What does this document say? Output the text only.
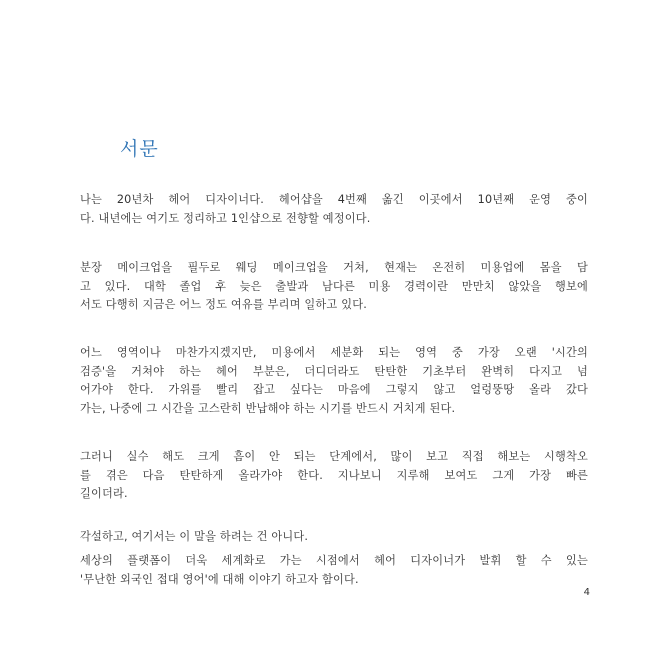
서문
나는 20년차 헤어 디자이너다. 헤어샵을 4번째 옮긴 이곳에서 10년째 운영 중이
다. 내년에는 여기도 정리하고 1인샵으로 전향할 예정이다.
분장 메이크업을 필두로 웨딩 메이크업을 거쳐, 현재는 온전히 미용업에 몸을 담
고 있다. 대학 졸업 후 늦은 출발과 남다른 미용 경력이란 만만치 않았을 행보에
서도 다행히 지금은 어느 정도 여유를 부리며 일하고 있다.
어느 영역이나 마찬가지겠지만, 미용에서 세분화 되는 영역 중 가장 오랜 '시간의
검증'을 거쳐야 하는 헤어 부분은, 더디더라도 탄탄한 기초부터 완벽히 다지고 넘
어가야 한다. 가위를 빨리 잡고 싶다는 마음에 그렇지 않고 얼렁뚱땅 올라 갔다
가는, 나중에 그 시간을 고스란히 반납해야 하는 시기를 반드시 거치게 된다.
그러니 실수 해도 크게 흠이 안 되는 단계에서, 많이 보고 직접 해보는 시행착오
를 겪은 다음 탄탄하게 올라가야 한다. 지나보니 지루해 보여도 그게 가장 빠른
길이더라.
각설하고, 여기서는 이 말을 하려는 건 아니다.
세상의 플랫폼이 더욱 세계화로 가는 시점에서 헤어 디자이너가 발휘 할 수 있는
'무난한 외국인 접대 영어'에 대해 이야기 하고자 함이다.
4
